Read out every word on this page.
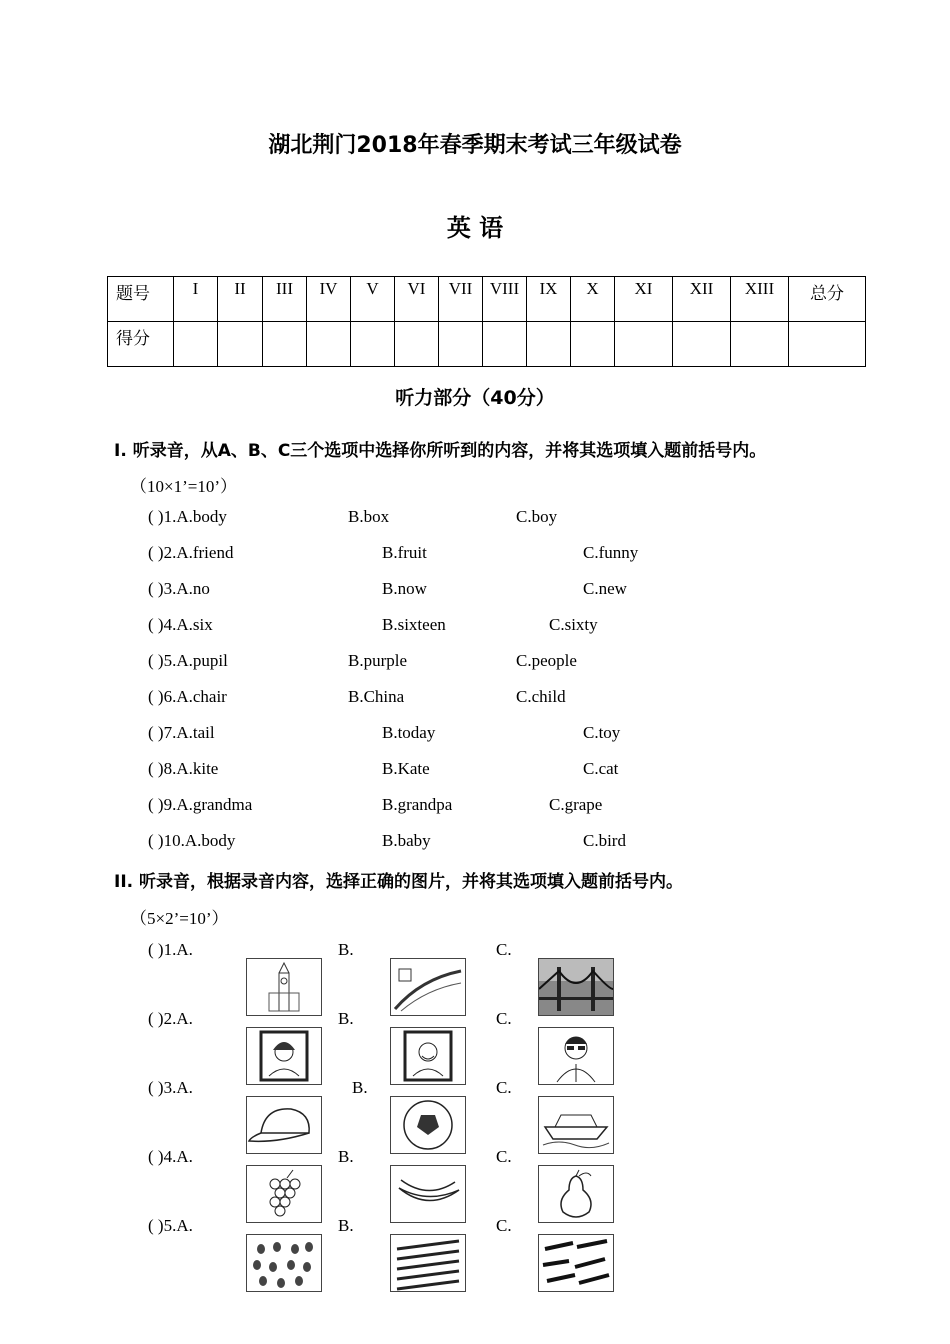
湖北荆门2018年春季期末考试三年级试卷
英 语
题号	I	II	III	IV	V	VI	VII	VIII	IX	X	XI	XII	XIII	总分
得分														
听力部分（40分）
I. 听录音，从A、B、C三个选项中选择你所听到的内容，并将其选项填入题前括号内。
（10×1’=10’）
( )1.A.body	B.box	C.boy
( )2.A.friend	B.fruit	C.funny
( )3.A.no	B.now	C.new
( )4.A.six	B.sixteen	C.sixty
( )5.A.pupil	B.purple	C.people
( )6.A.chair	B.China	C.child
( )7.A.tail	B.today	C.toy
( )8.A.kite	B.Kate	C.cat
( )9.A.grandma	B.grandpa	C.grape
( )10.A.body	B.baby	C.bird
II. 听录音，根据录音内容，选择正确的图片，并将其选项填入题前括号内。
（5×2’=10’）
( )1.A.	B.	C.
( )2.A.	B.	C.
( )3.A.	B.	C.
( )4.A.	B.	C.
( )5.A.	B.	C.
